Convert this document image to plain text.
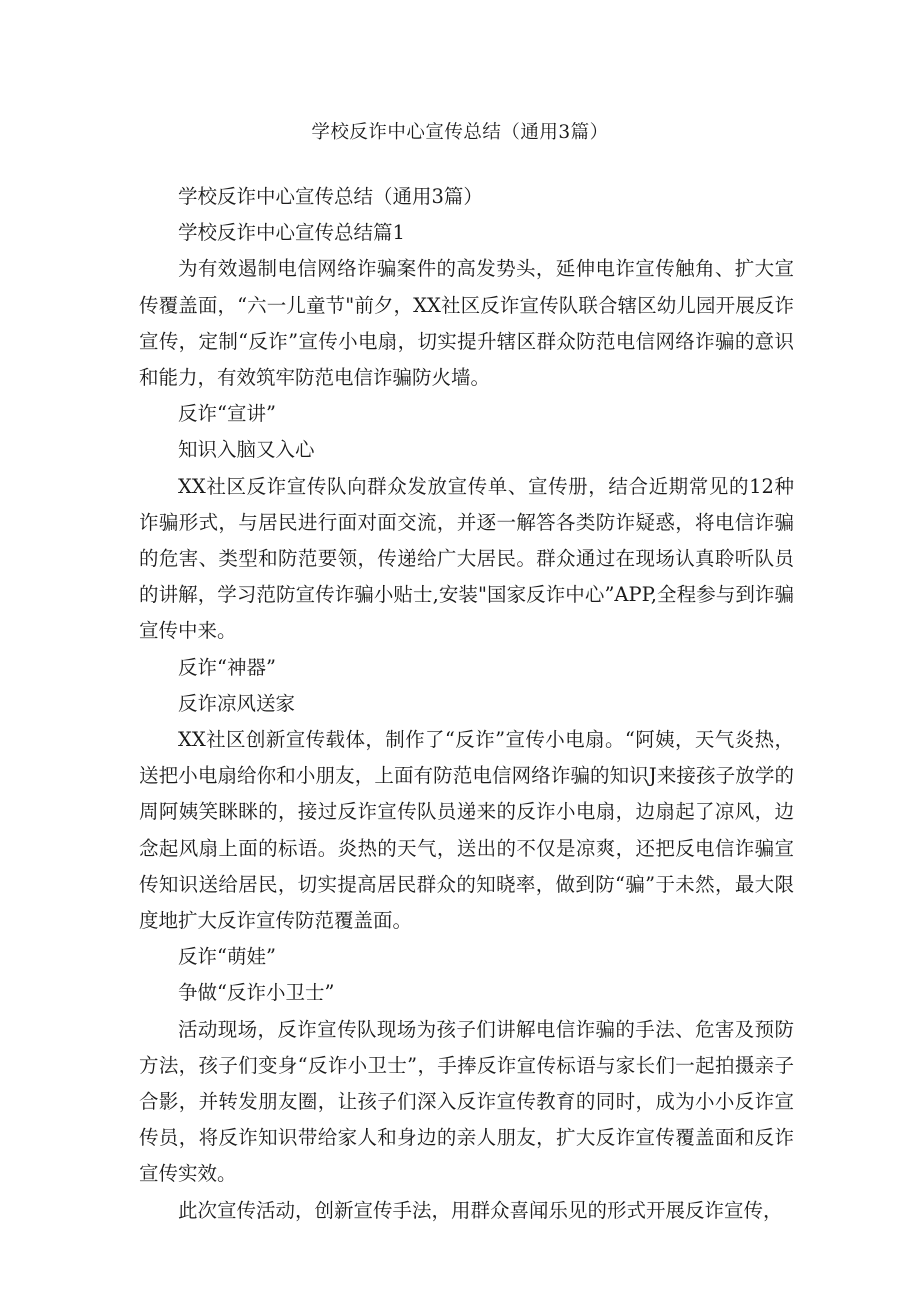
学校反诈中心宣传总结（通用3篇）

学校反诈中心宣传总结（通用3篇）

学校反诈中心宣传总结篇1

为有效遏制电信网络诈骗案件的高发势头，延伸电诈宣传触角、扩大宣传覆盖面，“六一儿童节"前夕，XX社区反诈宣传队联合辖区幼儿园开展反诈宣传，定制“反诈”宣传小电扇，切实提升辖区群众防范电信网络诈骗的意识和能力，有效筑牢防范电信诈骗防火墙。

反诈“宣讲”

知识入脑又入心

XX社区反诈宣传队向群众发放宣传单、宣传册，结合近期常见的12种诈骗形式，与居民进行面对面交流，并逐一解答各类防诈疑惑，将电信诈骗的危害、类型和防范要领，传递给广大居民。群众通过在现场认真聆听队员的讲解，学习范防宣传诈骗小贴士,安装"国家反诈中心”APP,全程参与到诈骗宣传中来。

反诈“神器”

反诈凉风送家

XX社区创新宣传载体，制作了“反诈”宣传小电扇。“阿姨，天气炎热，送把小电扇给你和小朋友，上面有防范电信网络诈骗的知识J来接孩子放学的周阿姨笑眯眯的，接过反诈宣传队员递来的反诈小电扇，边扇起了凉风，边念起风扇上面的标语。炎热的天气，送出的不仅是凉爽，还把反电信诈骗宣传知识送给居民，切实提高居民群众的知晓率，做到防“骗”于未然，最大限度地扩大反诈宣传防范覆盖面。

反诈“萌娃”

争做“反诈小卫士”

活动现场，反诈宣传队现场为孩子们讲解电信诈骗的手法、危害及预防方法，孩子们变身“反诈小卫士”，手捧反诈宣传标语与家长们一起拍摄亲子合影，并转发朋友圈，让孩子们深入反诈宣传教育的同时，成为小小反诈宣传员，将反诈知识带给家人和身边的亲人朋友，扩大反诈宣传覆盖面和反诈宣传实效。

此次宣传活动，创新宣传手法，用群众喜闻乐见的形式开展反诈宣传，
